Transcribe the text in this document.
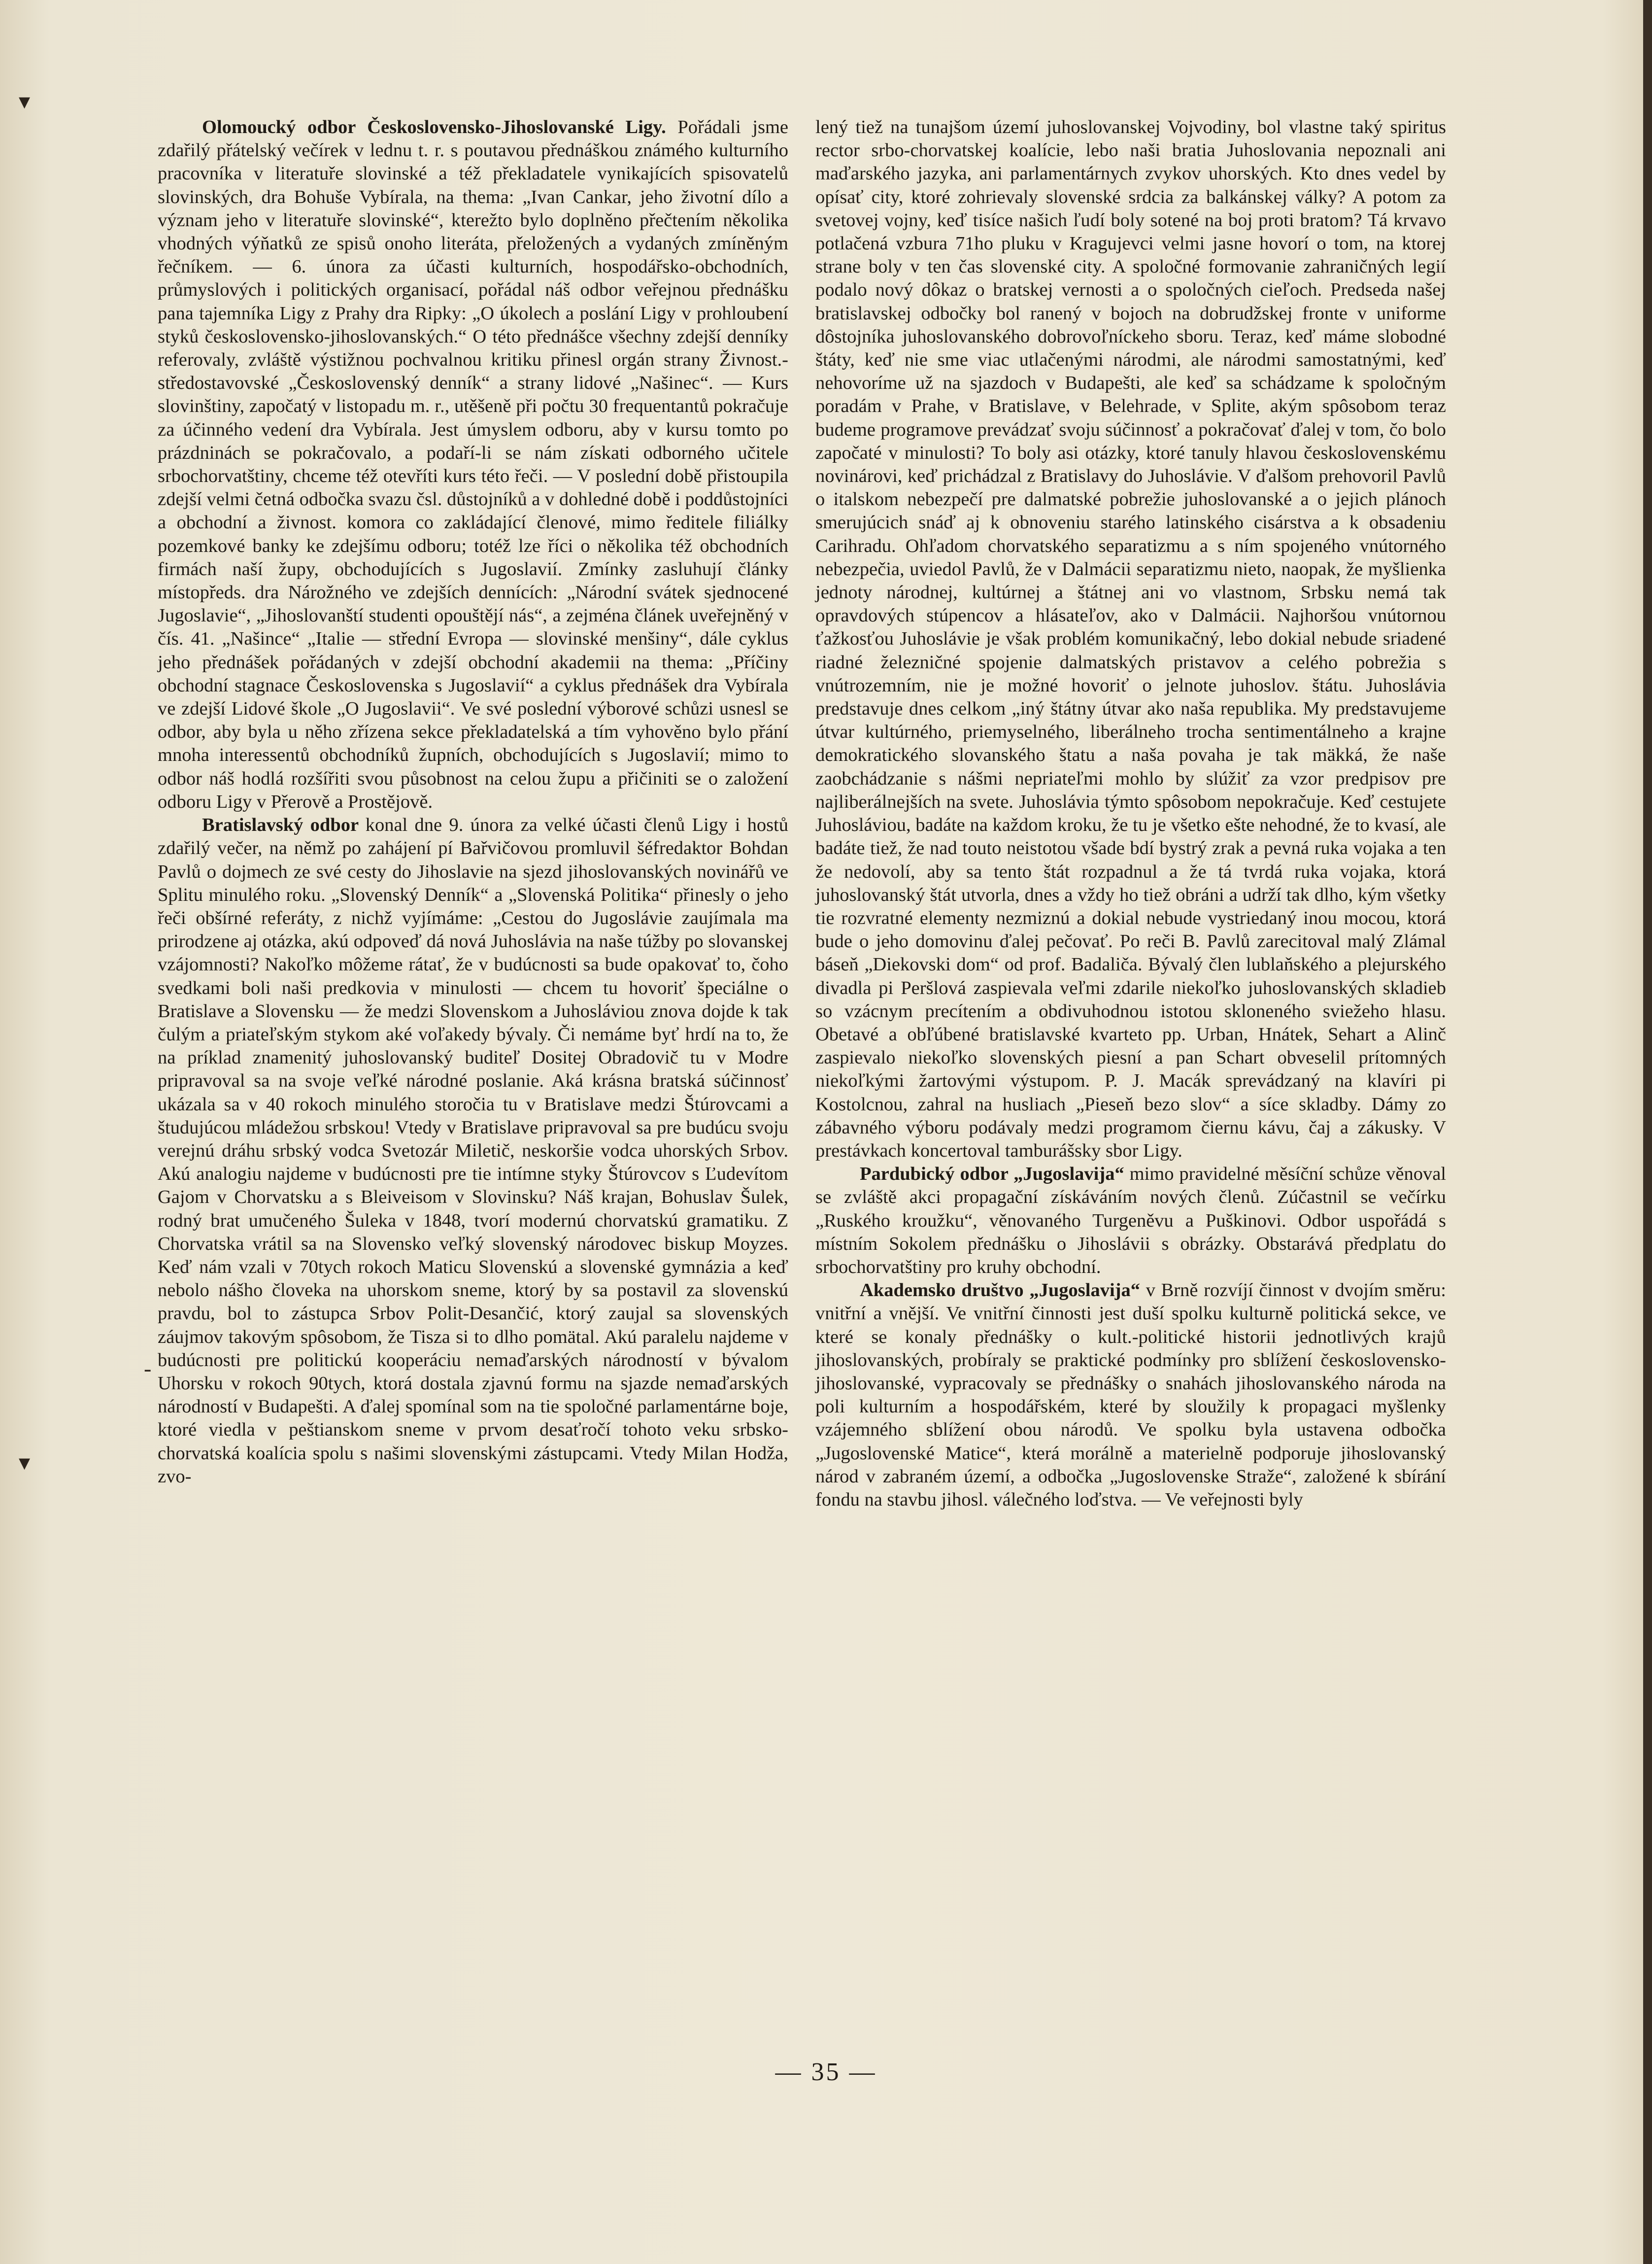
▾
▾
-

Olomoucký odbor Československo-Jihoslovanské Ligy. Pořádali jsme zdařilý přátelský večírek v lednu t. r. s poutavou přednáškou známého kulturního pracovníka v literatuře slovinské a též překladatele vynikajících spisovatelů slovinských, dra Bohuše Vybírala, na thema: „Ivan Cankar, jeho životní dílo a význam jeho v literatuře slovinské“, kterežto bylo doplněno přečtením několika vhodných výňatků ze spisů onoho literáta, přeložených a vydaných zmíněným řečníkem. — 6. února za účasti kulturních, hospodářsko-obchodních, průmyslových i politických organisací, pořádal náš odbor veřejnou přednášku pana tajemníka Ligy z Prahy dra Ripky: „O úkolech a poslání Ligy v prohloubení styků československo-jihoslovanských.“ O této přednášce všechny zdejší denníky referovaly, zvláště výstižnou pochvalnou kritiku přinesl orgán strany Živnost.-středostavovské „Československý denník“ a strany lidové „Našinec“. — Kurs slovinštiny, započatý v listopadu m. r., utěšeně při počtu 30 frequentantů pokračuje za účinného vedení dra Vybírala. Jest úmyslem odboru, aby v kursu tomto po prázdninách se pokračovalo, a podaří-li se nám získati odborného učitele srbochorvatštiny, chceme též otevříti kurs této řeči. — V poslední době přistoupila zdejší velmi četná odbočka svazu čsl. důstojníků a v dohledné době i poddůstojníci a obchodní a živnost. komora co zakládající členové, mimo ředitele filiálky pozemkové banky ke zdejšímu odboru; totéž lze říci o několika též obchodních firmách naší župy, obchodujících s Jugoslavií. Zmínky zasluhují články místopředs. dra Nárožného ve zdejších dennících: „Národní svátek sjednocené Jugoslavie“, „Jihoslovanští studenti opouštějí nás“, a zejména článek uveřejněný v čís. 41. „Našince“ „Italie — střední Evropa — slovinské menšiny“, dále cyklus jeho přednášek pořádaných v zdejší obchodní akademii na thema: „Příčiny obchodní stagnace Československa s Jugoslavií“ a cyklus přednášek dra Vybírala ve zdejší Lidové škole „O Jugoslavii“. Ve své poslední výborové schůzi usnesl se odbor, aby byla u něho zřízena sekce překladatelská a tím vyhověno bylo přání mnoha interessentů obchodníků župních, obchodujících s Jugoslavií; mimo to odbor náš hodlá rozšířiti svou působnost na celou župu a přičiniti se o založení odboru Ligy v Přerově a Prostějově.

Bratislavský odbor konal dne 9. února za velké účasti členů Ligy i hostů zdařilý večer, na němž po zahájení pí Bařvičovou promluvil šéfredaktor Bohdan Pavlů o dojmech ze své cesty do Jihoslavie na sjezd jihoslovanských novinářů ve Splitu minulého roku. „Slovenský Denník“ a „Slovenská Politika“ přinesly o jeho řeči obšírné referáty, z nichž vyjímáme: „Cestou do Jugoslávie zaujímala ma prirodzene aj otázka, akú odpoveď dá nová Juhoslávia na naše túžby po slovanskej vzájomnosti? Nakoľko môžeme rátať, že v budúcnosti sa bude opakovať to, čoho svedkami boli naši predkovia v minulosti — chcem tu hovoriť špeciálne o Bratislave a Slovensku — že medzi Slovenskom a Juhosláviou znova dojde k tak čulým a priateľským stykom aké voľakedy bývaly. Či nemáme byť hrdí na to, že na príklad znamenitý juhoslovanský buditeľ Dositej Obradovič tu v Modre pripravoval sa na svoje veľké národné poslanie. Aká krásna bratská súčinnosť ukázala sa v 40 rokoch minulého storočia tu v Bratislave medzi Štúrovcami a študujúcou mládežou srbskou! Vtedy v Bratislave pripravoval sa pre budúcu svoju verejnú dráhu srbský vodca Svetozár Miletič, neskoršie vodca uhorských Srbov. Akú analogiu najdeme v budúcnosti pre tie intímne styky Štúrovcov s Ľudevítom Gajom v Chorvatsku a s Bleiveisom v Slovinsku? Náš krajan, Bohuslav Šulek, rodný brat umučeného Šuleka v 1848, tvorí modernú chorvatskú gramatiku. Z Chorvatska vrátil sa na Slovensko veľký slovenský národovec biskup Moyzes. Keď nám vzali v 70tych rokoch Maticu Slovenskú a slovenské gymnázia a keď nebolo nášho človeka na uhorskom sneme, ktorý by sa postavil za slovenskú pravdu, bol to zástupca Srbov Polit-Desančić, ktorý zaujal sa slovenských záujmov takovým spôsobom, že Tisza si to dlho pomätal. Akú paralelu najdeme v budúcnosti pre politickú kooperáciu nemaďarských národností v bývalom Uhorsku v rokoch 90tych, ktorá dostala zjavnú formu na sjazde nemaďarských národností v Budapešti. A ďalej spomínal som na tie spoločné parlamentárne boje, ktoré viedla v peštianskom sneme v prvom desaťročí tohoto veku srbsko-chorvatská koalícia spolu s našimi slovenskými zástupcami. Vtedy Milan Hodža, zvo-

lený tiež na tunajšom území juhoslovanskej Vojvodiny, bol vlastne taký spiritus rector srbo-chorvatskej koalície, lebo naši bratia Juhoslovania nepoznali ani maďarského jazyka, ani parlamentárnych zvykov uhorských. Kto dnes vedel by opísať city, ktoré zohrievaly slovenské srdcia za balkánskej války? A potom za svetovej vojny, keď tisíce našich ľudí boly sotené na boj proti bratom? Tá krvavo potlačená vzbura 71ho pluku v Kragujevci velmi jasne hovorí o tom, na ktorej strane boly v ten čas slovenské city. A spoločné formovanie zahraničných legií podalo nový dôkaz o bratskej vernosti a o spoločných cieľoch. Predseda našej bratislavskej odbočky bol ranený v bojoch na dobrudžskej fronte v uniforme dôstojníka juhoslovanského dobrovoľníckeho sboru. Teraz, keď máme slobodné štáty, keď nie sme viac utlačenými národmi, ale národmi samostatnými, keď nehovoríme už na sjazdoch v Budapešti, ale keď sa schádzame k spoločným poradám v Prahe, v Bratislave, v Belehrade, v Splite, akým spôsobom teraz budeme programove prevádzať svoju súčinnosť a pokračovať ďalej v tom, čo bolo započaté v minulosti? To boly asi otázky, ktoré tanuly hlavou československému novinárovi, keď prichádzal z Bratislavy do Juhoslávie. V ďalšom prehovoril Pavlů o italskom nebezpečí pre dalmatské pobrežie juhoslovanské a o jejich plánoch smerujúcich snáď aj k obnoveniu starého latinského cisárstva a k obsadeniu Carihradu. Ohľadom chorvatského separatizmu a s ním spojeného vnútorného nebezpečia, uviedol Pavlů, že v Dalmácii separatizmu nieto, naopak, že myšlienka jednoty národnej, kultúrnej a štátnej ani vo vlastnom, Srbsku nemá tak opravdových stúpencov a hlásateľov, ako v Dalmácii. Najhoršou vnútornou ťažkosťou Juhoslávie je však problém komunikačný, lebo dokial nebude sriadené riadné železničné spojenie dalmatských pristavov a celého pobrežia s vnútrozemním, nie je možné hovoriť o jelnote juhoslov. štátu. Juhoslávia predstavuje dnes celkom „iný štátny útvar ako naša republika. My predstavujeme útvar kultúrného, priemyselného, liberálneho trocha sentimentálneho a krajne demokratického slovanského štatu a naša povaha je tak mäkká, že naše zaobchádzanie s nášmi nepriateľmi mohlo by slúžiť za vzor predpisov pre najliberálnejších na svete. Juhoslávia týmto spôsobom nepokračuje. Keď cestujete Juhosláviou, badáte na každom kroku, že tu je všetko ešte nehodné, že to kvasí, ale badáte tiež, že nad touto neistotou všade bdí bystrý zrak a pevná ruka vojaka a ten že nedovolí, aby sa tento štát rozpadnul a že tá tvrdá ruka vojaka, ktorá juhoslovanský štát utvorla, dnes a vždy ho tiež obráni a udrží tak dlho, kým všetky tie rozvratné elementy nezmiznú a dokial nebude vystriedaný inou mocou, ktorá bude o jeho domovinu ďalej pečovať. Po reči B. Pavlů zarecitoval malý Zlámal báseň „Diekovski dom“ od prof. Badaliča. Bývalý člen lublaňského a plejurského divadla pi Peršlová zaspievala veľmi zdarile niekoľko juhoslovanských skladieb so vzácnym precítením a obdivuhodnou istotou skloneného sviežeho hlasu. Obetavé a obľúbené bratislavské kvarteto pp. Urban, Hnátek, Sehart a Alinč zaspievalo niekoľko slovenských piesní a pan Schart obveselil prítomných niekoľkými žartovými výstupom. P. J. Macák sprevádzaný na klavíri pi Kostolcnou, zahral na husliach „Pieseň bezo slov“ a síce skladby. Dámy zo zábavného výboru podávaly medzi programom čiernu kávu, čaj a zákusky. V prestávkach koncertoval tamburášsky sbor Ligy.

Pardubický odbor „Jugoslavija“ mimo pravidelné měsíční schůze věnoval se zvláště akci propagační získáváním nových členů. Zúčastnil se večírku „Ruského kroužku“, věnovaného Turgeněvu a Puškinovi. Odbor uspořádá s místním Sokolem přednášku o Jihoslávii s obrázky. Obstarává předplatu do srbochorvatštiny pro kruhy obchodní.

Akademsko društvo „Jugoslavija“ v Brně rozvíjí činnost v dvojím směru: vnitřní a vnější. Ve vnitřní činnosti jest duší spolku kulturně politická sekce, ve které se konaly přednášky o kult.-politické historii jednotlivých krajů jihoslovanských, probíraly se praktické podmínky pro sblížení československo-jihoslovanské, vypracovaly se přednášky o snahách jihoslovanského národa na poli kulturním a hospodářském, které by sloužily k propagaci myšlenky vzájemného sblížení obou národů. Ve spolku byla ustavena odbočka „Jugoslovenské Matice“, která morálně a materielně podporuje jihoslovanský národ v zabraném území, a odbočka „Jugoslovenske Straže“, založené k sbírání fondu na stavbu jihosl. válečného loďstva. — Ve veřejnosti byly

— 35 —
